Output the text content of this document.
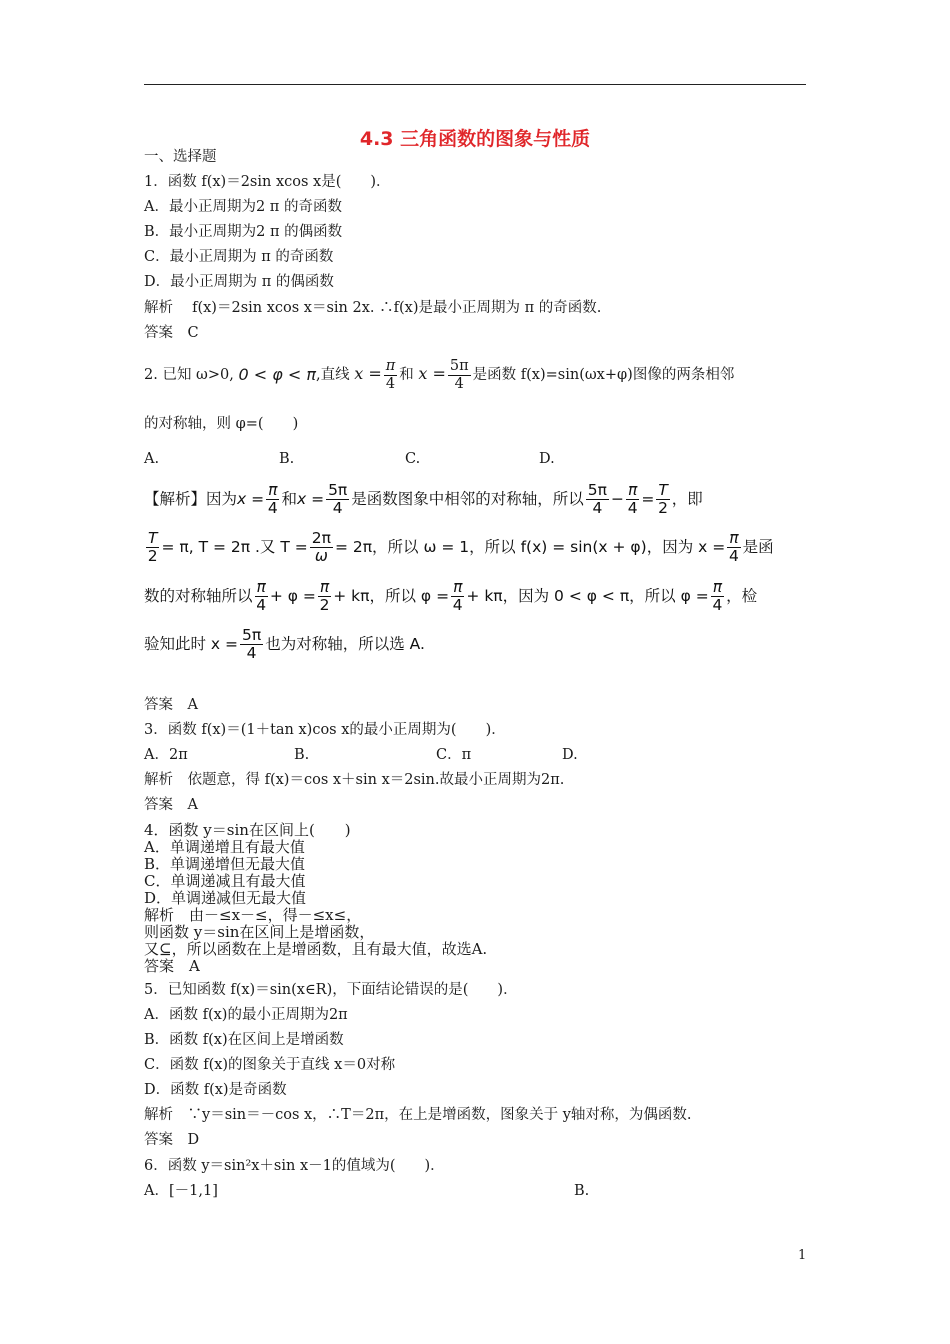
4.3 三角函数的图象与性质
一、选择题
1．函数 f(x)＝2sin xcos x是(　　)．
A．最小正周期为2 π 的奇函数
B．最小正周期为2 π 的偶函数
C．最小正周期为 π 的奇函数
D．最小正周期为 π 的偶函数
解析　 f(x)＝2sin xcos x＝sin 2x. ∴f(x)是最小正周期为 π 的奇函数.
答案　C
2. 已知 ω>0, 0 < φ < π,直线 $x = \frac{\pi}{4}$ 和 $x = \frac{5\pi}{4}$ 是函数 f(x)=sin(ωx+φ)图像的两条相邻
的对称轴，则 φ=(　　)
A.	B.	C.	D.
【解析】因为$x = \frac{\pi}{4}$ 和$x = \frac{5\pi}{4}$ 是函数图象中相邻的对称轴，所以 $\frac{5\pi}{4} - \frac{\pi}{4} = \frac{T}{2}$ ，即
$\frac{T}{2} = \pi$, T = 2π .又 $T = \frac{2\pi}{\omega} = 2\pi$，所以 ω = 1，所以 f(x) = sin(x + φ)，因为 $x = \frac{\pi}{4}$ 是函
数的对称轴所以 $\frac{\pi}{4} + \varphi = \frac{\pi}{2} + k\pi$，所以 $\varphi = \frac{\pi}{4} + k\pi$，因为 0 < φ < π，所以 $\varphi = \frac{\pi}{4}$ ，检
验知此时 $x = \frac{5\pi}{4}$ 也为对称轴，所以选 A.
答案　A
3．函数 f(x)＝(1＋tan x)cos x的最小正周期为(　　)．
A．2π	B.	C．π	D.
解析　依题意，得 f(x)＝cos x＋sin x＝2sin.故最小正周期为2π.
答案　A
4．函数 y＝sin在区间上(　　)
A．单调递增且有最大值
B．单调递增但无最大值
C．单调递减且有最大值
D．单调递减但无最大值
解析　由－≤x－≤，得－≤x≤，
则函数 y＝sin在区间上是增函数，
又⊆，所以函数在上是增函数，且有最大值，故选A.
答案　A
5．已知函数 f(x)＝sin(x∈R)，下面结论错误的是(　　)．
A．函数 f(x)的最小正周期为2π
B．函数 f(x)在区间上是增函数
C．函数 f(x)的图象关于直线 x＝0对称
D．函数 f(x)是奇函数
解析　∵y＝sin＝－cos x，∴T＝2π，在上是增函数，图象关于 y轴对称，为偶函数.
答案　D
6．函数 y＝sin²x＋sin x－1的值域为(　　)．
A．[－1,1]	B.
1
